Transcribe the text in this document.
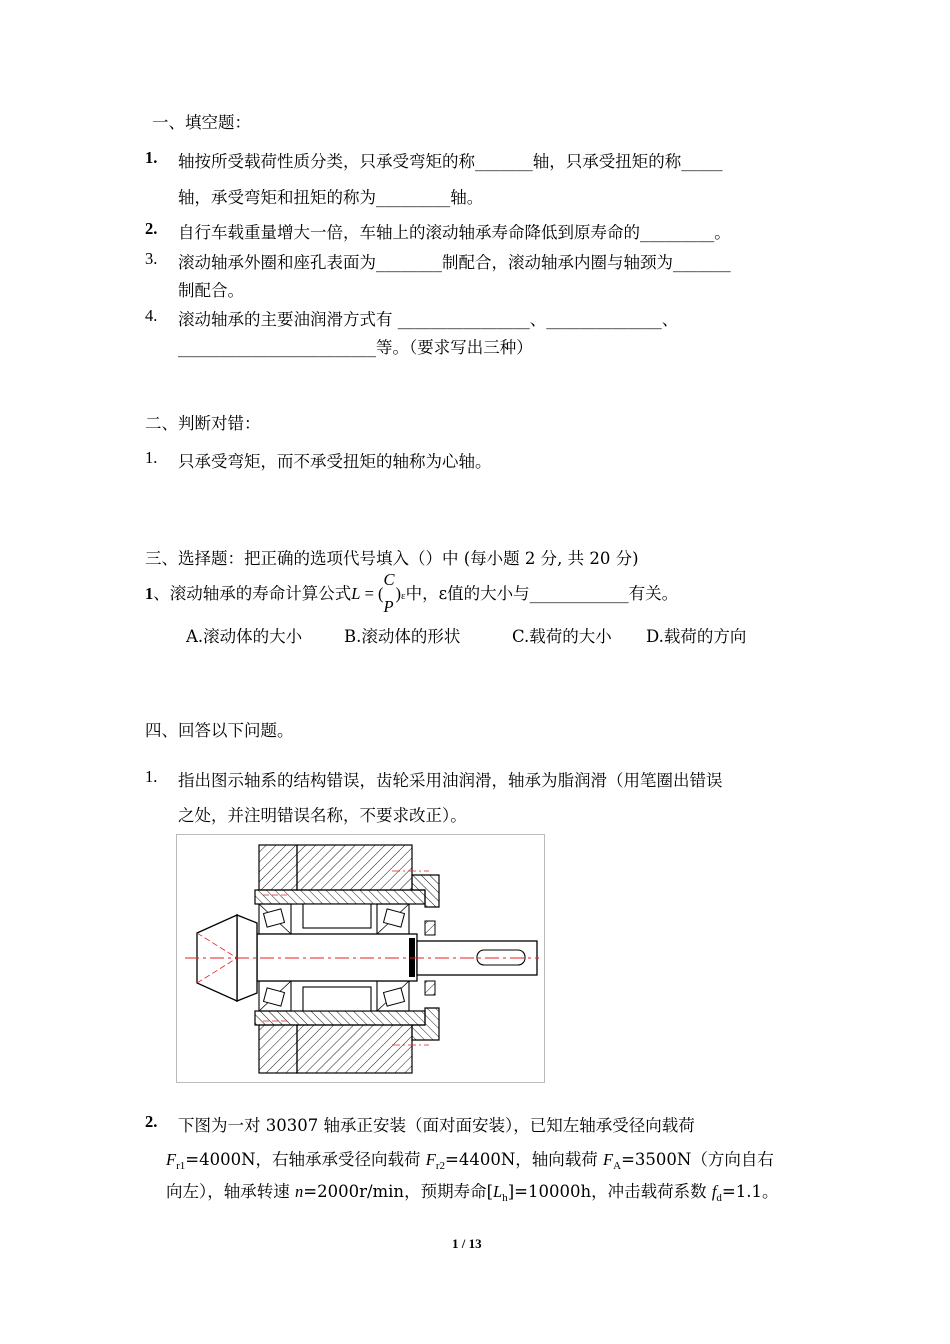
一、填空题：
1. 轴按所受载荷性质分类，只承受弯矩的称_______轴，只承受扭矩的称_____
轴，承受弯矩和扭矩的称为_________轴。
2. 自行车载重量增大一倍，车轴上的滚动轴承寿命降低到原寿命的_________。
3. 滚动轴承外圈和座孔表面为________制配合，滚动轴承内圈与轴颈为_______
制配合。
4. 滚动轴承的主要油润滑方式有 ________________、______________、
________________________等。（要求写出三种）
二、判断对错：
1. 只承受弯矩，而不承受扭矩的轴称为心轴。
三、选择题：把正确的选项代号填入（）中 (每小题 2 分, 共 20 分)
1、滚动轴承的寿命计算公式L = (
C
P
)ε中，ε值的大小与____________有关。
A.滚动体的大小	B.滚动体的形状	C.载荷的大小 D.载荷的方向
四、回答以下问题。
1. 指出图示轴系的结构错误，齿轮采用油润滑，轴承为脂润滑（用笔圈出错误
之处，并注明错误名称，不要求改正）。
2. 下图为一对 30307 轴承正安装（面对面安装），已知左轴承受径向载荷
$F_{r1}=4000N$，右轴承承受径向载荷 $F_{r2}=4400N$，轴向载荷 $F_A=3500N$（方向自右
向左），轴承转速 n=2000r/min，预期寿命$[L_h]=10000h$，冲击载荷系数 $f_d=1.1$。
1 / 13
